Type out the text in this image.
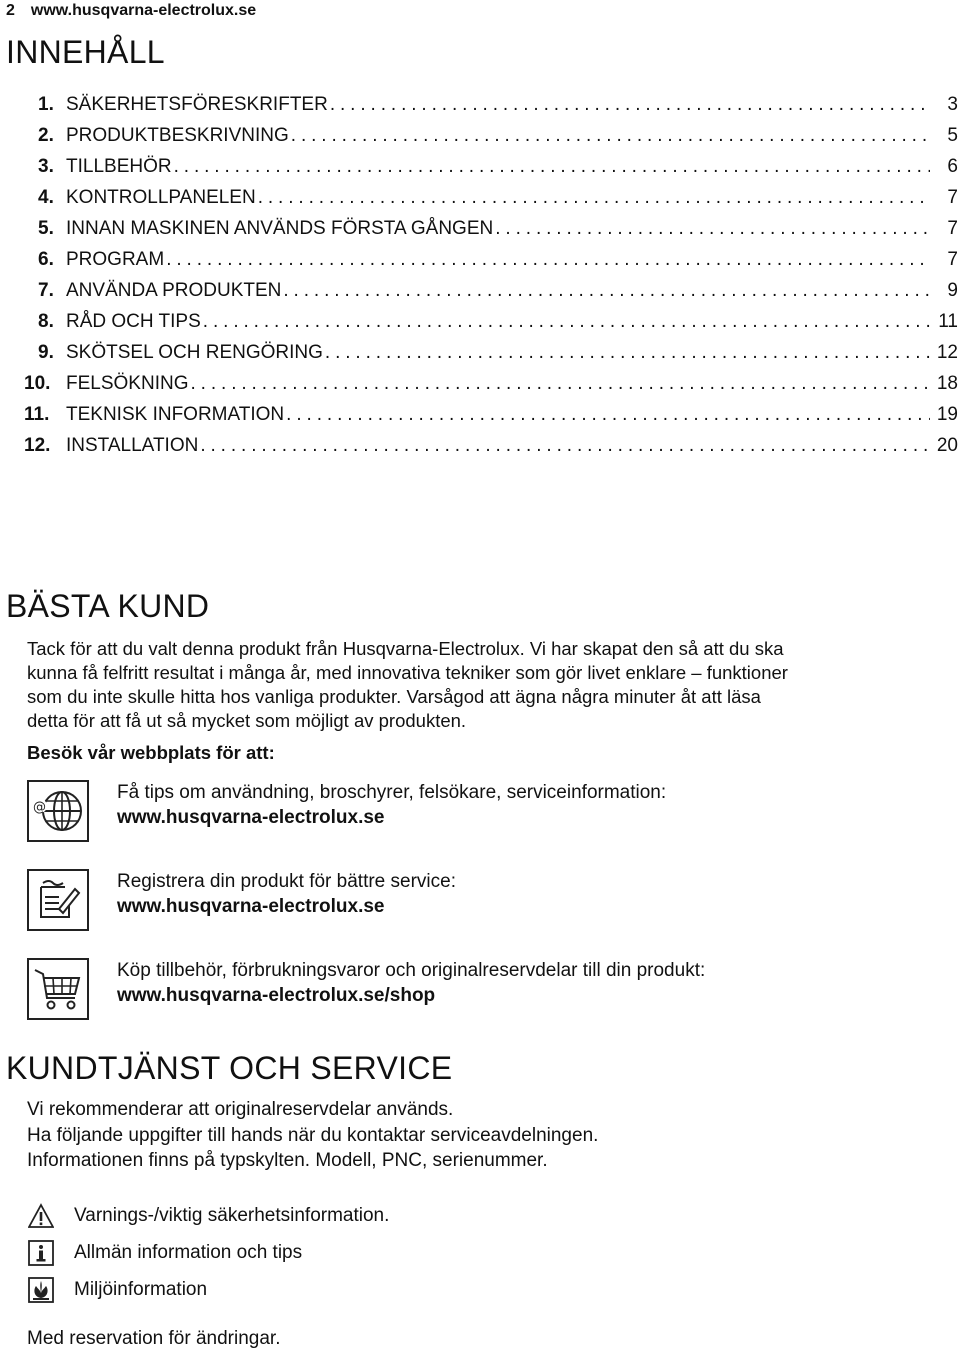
2 www.husqvarna-electrolux.se
INNEHÅLL
1. SÄKERHETSFÖRESKRIFTER .....	3
2. PRODUKTBESKRIVNING .....	5
3. TILLBEHÖR .....	6
4. KONTROLLPANELEN .....	7
5. INNAN MASKINEN ANVÄNDS FÖRSTA GÅNGEN .....	7
6. PROGRAM .....	7
7. ANVÄNDA PRODUKTEN .....	9
8. RÅD OCH TIPS .....	11
9. SKÖTSEL OCH RENGÖRING .....	12
10. FELSÖKNING .....	18
11. TEKNISK INFORMATION .....	19
12. INSTALLATION .....	20
BÄSTA KUND
Tack för att du valt denna produkt från Husqvarna-Electrolux. Vi har skapat den så att du ska
kunna få felfritt resultat i många år, med innovativa tekniker som gör livet enklare – funktioner
som du inte skulle hitta hos vanliga produkter. Varsågod att ägna några minuter åt att läsa
detta för att få ut så mycket som möjligt av produkten.
Besök vår webbplats för att:
@
Få tips om användning, broschyrer, felsökare, serviceinformation:
www.husqvarna-electrolux.se
Registrera din produkt för bättre service:
www.husqvarna-electrolux.se
Köp tillbehör, förbrukningsvaror och originalreservdelar till din produkt:
www.husqvarna-electrolux.se/shop
KUNDTJÄNST OCH SERVICE
Vi rekommenderar att originalreservdelar används.
Ha följande uppgifter till hands när du kontaktar serviceavdelningen.
Informationen finns på typskylten. Modell, PNC, serienummer.
Varnings-/viktig säkerhetsinformation.
Allmän information och tips
Miljöinformation
Med reservation för ändringar.
